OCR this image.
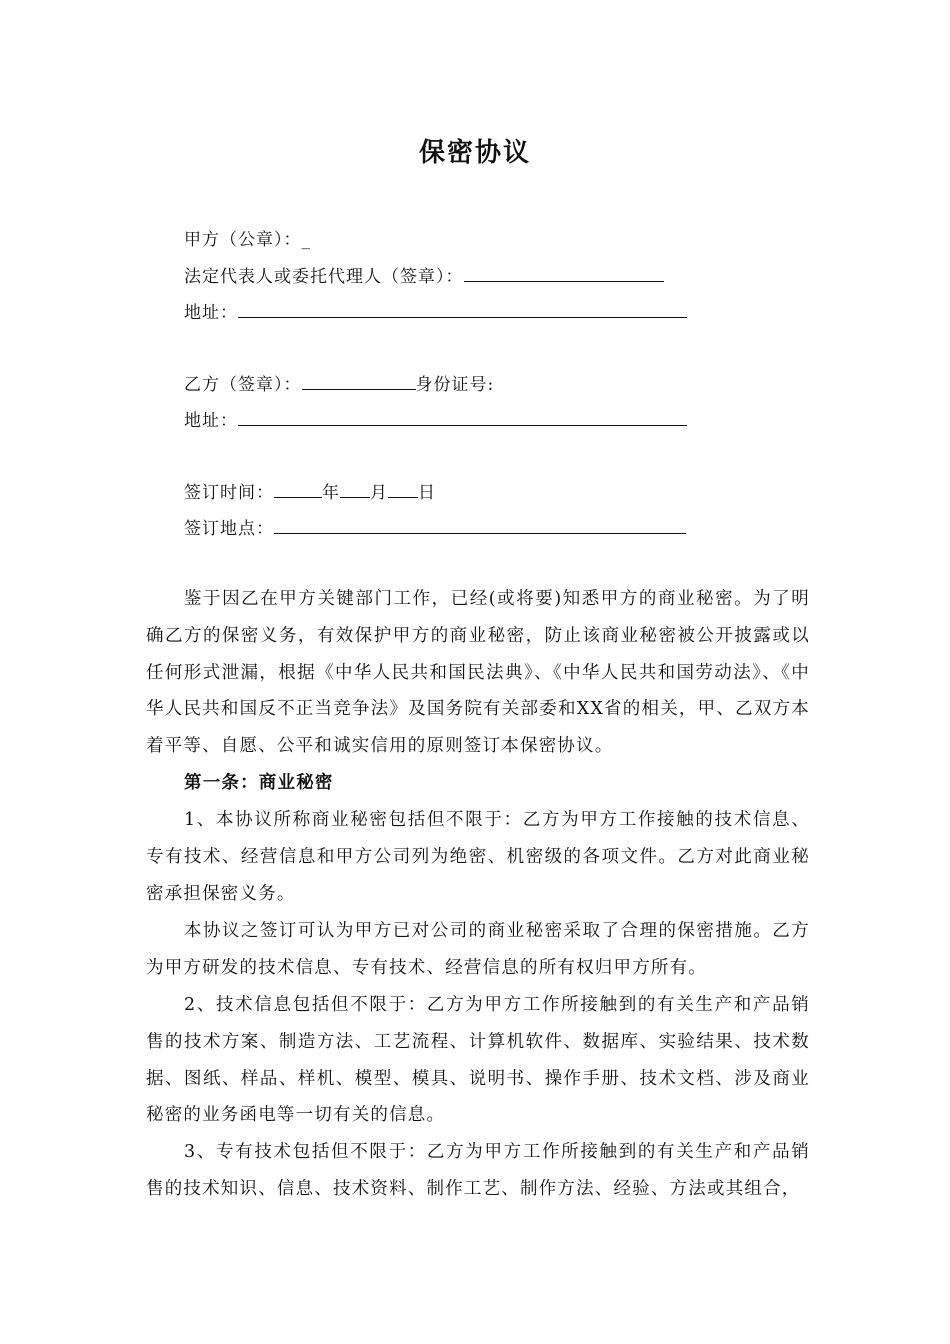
保密协议
甲方（公章）：_
法定代表人或委托代理人（签章）：
地址：
乙方（签章）：	身份证号:
地址：
签订时间：	年 月 日
签订地点：
鉴于因乙在甲方关键部门工作，已经(或将要)知悉甲方的商业秘密。为了明确乙方的保密义务，有效保护甲方的商业秘密，防止该商业秘密被公开披露或以任何形式泄漏，根据《中华人民共和国民法典》、《中华人民共和国劳动法》、《中华人民共和国反不正当竞争法》及国务院有关部委和XX省的相关，甲、乙双方本着平等、自愿、公平和诚实信用的原则签订本保密协议。
第一条：商业秘密
1、本协议所称商业秘密包括但不限于：乙方为甲方工作接触的技术信息、专有技术、经营信息和甲方公司列为绝密、机密级的各项文件。乙方对此商业秘密承担保密义务。
本协议之签订可认为甲方已对公司的商业秘密采取了合理的保密措施。乙方为甲方研发的技术信息、专有技术、经营信息的所有权归甲方所有。
2、技术信息包括但不限于：乙方为甲方工作所接触到的有关生产和产品销售的技术方案、制造方法、工艺流程、计算机软件、数据库、实验结果、技术数据、图纸、样品、样机、模型、模具、说明书、操作手册、技术文档、涉及商业秘密的业务函电等一切有关的信息。
3、专有技术包括但不限于：乙方为甲方工作所接触到的有关生产和产品销售的技术知识、信息、技术资料、制作工艺、制作方法、经验、方法或其组合，
